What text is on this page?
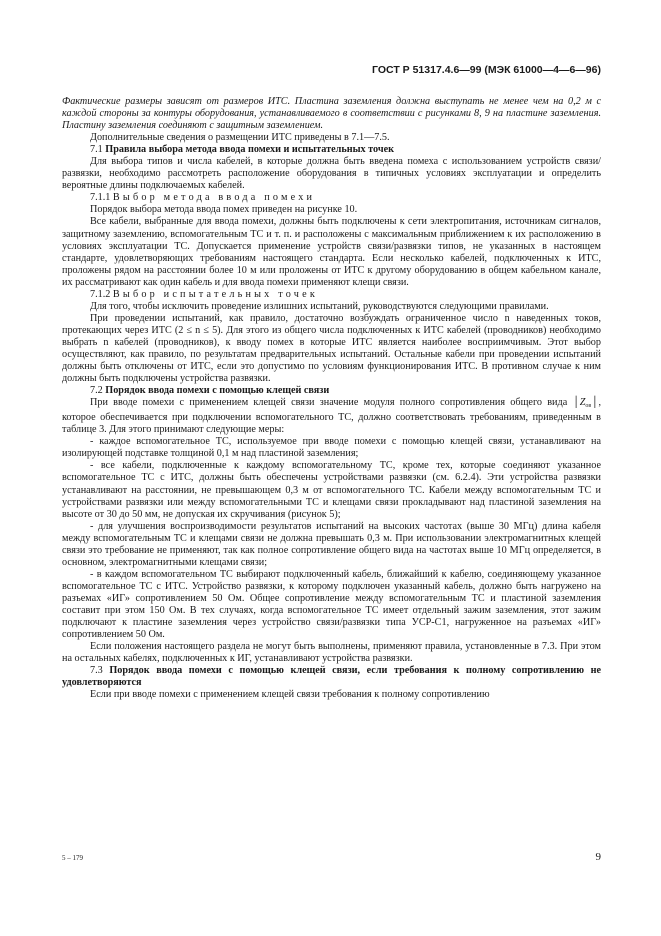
ГОСТ Р 51317.4.6—99 (МЭК 61000—4—6—96)

Фактические размеры зависят от размеров ИТС. Пластина заземления должна выступать не менее чем на 0,2 м с каждой стороны за контуры оборудования, устанавливаемого в соответствии с рисунками 8, 9 на пластине заземления. Пластину заземления соединяют с защитным заземлением.

Дополнительные сведения о размещении ИТС приведены в 7.1—7.5.

7.1 Правила выбора метода ввода помехи и испытательных точек

Для выбора типов и числа кабелей, в которые должна быть введена помеха с использованием устройств связи/развязки, необходимо рассмотреть расположение оборудования в типичных условиях эксплуатации и определить вероятные длины подключаемых кабелей.

7.1.1 Выбор метода ввода помехи

Порядок выбора метода ввода помех приведен на рисунке 10.

Все кабели, выбранные для ввода помехи, должны быть подключены к сети электропитания, источникам сигналов, защитному заземлению, вспомогательным ТС и т. п. и расположены с максимальным приближением к их расположению в условиях эксплуатации ТС. Допускается применение устройств связи/развязки типов, не указанных в настоящем стандарте, удовлетворяющих требованиям настоящего стандарта. Если несколько кабелей, подключенных к ИТС, проложены рядом на расстоянии более 10 м или проложены от ИТС к другому оборудованию в общем кабельном канале, их рассматривают как один кабель и для ввода помехи применяют клещи связи.

7.1.2 Выбор испытательных точек

Для того, чтобы исключить проведение излишних испытаний, руководствуются следующими правилами.

При проведении испытаний, как правило, достаточно возбуждать ограниченное число n наведенных токов, протекающих через ИТС (2 ≤ n ≤ 5). Для этого из общего числа подключенных к ИТС кабелей (проводников) необходимо выбрать n кабелей (проводников), к вводу помех в которые ИТС является наиболее восприимчивым. Этот выбор осуществляют, как правило, по результатам предварительных испытаний. Остальные кабели при проведении испытаний должны быть отключены от ИТС, если это допустимо по условиям функционирования ИТС. В противном случае к ним должны быть подключены устройства развязки.

7.2 Порядок ввода помехи с помощью клещей связи

При вводе помехи с применением клещей связи значение модуля полного сопротивления общего вида $│Z_{ов}│$, которое обеспечивается при подключении вспомогательного ТС, должно соответствовать требованиям, приведенным в таблице 3. Для этого принимают следующие меры:

- каждое вспомогательное ТС, используемое при вводе помехи с помощью клещей связи, устанавливают на изолирующей подставке толщиной 0,1 м над пластиной заземления;

- все кабели, подключенные к каждому вспомогательному ТС, кроме тех, которые соединяют указанное вспомогательное ТС с ИТС, должны быть обеспечены устройствами развязки (см. 6.2.4). Эти устройства развязки устанавливают на расстоянии, не превышающем 0,3 м от вспомогательного ТС. Кабели между вспомогательным ТС и устройствами развязки или между вспомогательными ТС и клещами связи прокладывают над пластиной заземления на высоте от 30 до 50 мм, не допуская их скручивания (рисунок 5);

- для улучшения воспроизводимости результатов испытаний на высоких частотах (выше 30 МГц) длина кабеля между вспомогательным ТС и клещами связи не должна превышать 0,3 м. При использовании электромагнитных клещей связи это требование не применяют, так как полное сопротивление общего вида на частотах выше 10 МГц определяется, в основном, электромагнитными клещами связи;

- в каждом вспомогательном ТС выбирают подключенный кабель, ближайший к кабелю, соединяющему указанное вспомогательное ТС с ИТС. Устройство развязки, к которому подключен указанный кабель, должно быть нагружено на разъемах «ИГ» сопротивлением 50 Ом. Общее сопротивление между вспомогательным ТС и пластиной заземления составит при этом 150 Ом. В тех случаях, когда вспомогательное ТС имеет отдельный зажим заземления, этот зажим подключают к пластине заземления через устройство связи/развязки типа УСР-С1, нагруженное на разъемах «ИГ» сопротивлением 50 Ом.

Если положения настоящего раздела не могут быть выполнены, применяют правила, установленные в 7.3. При этом на остальных кабелях, подключенных к ИГ, устанавливают устройства развязки.

7.3 Порядок ввода помехи с помощью клещей связи, если требования к полному сопротивлению не удовлетворяются

Если при вводе помехи с применением клещей связи требования к полному сопротивлению

5 – 179	9
